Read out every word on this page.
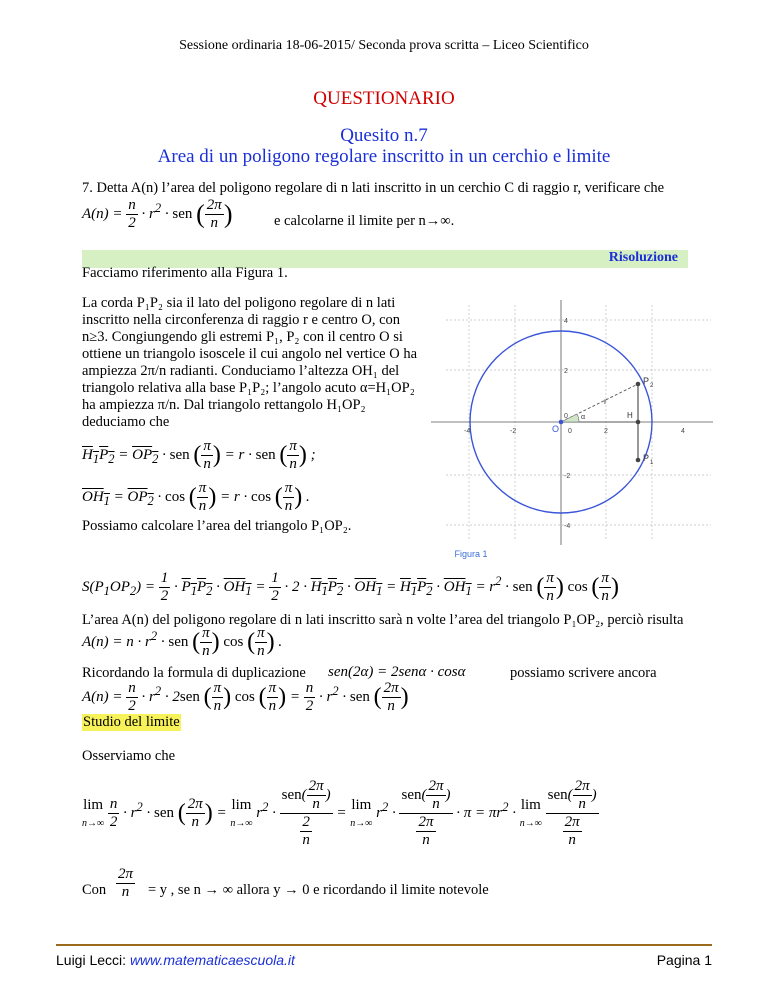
Sessione ordinaria 18-06-2015/ Seconda prova scritta – Liceo Scientifico
QUESTIONARIO
Quesito n.7
Area di un poligono regolare inscritto in un cerchio e limite
7. Detta A(n) l’area del poligono regolare di n lati inscritto in un cerchio C di raggio r, verificare che
$A(n) = \frac{n}{2} \cdot r^2$ · sen ( $\frac{2\pi}{n}$ )	e calcolarne il limite per n→∞.
Risoluzione
Facciamo riferimento alla Figura 1.
La corda P₁P₂ sia il lato del poligono regolare di n lati
inscritto nella circonferenza di raggio r e centro O, con
n≥3. Congiungendo gli estremi P₁, P₂ con il centro O si
ottiene un triangolo isoscele il cui angolo nel vertice O ha
ampiezza 2π/n radianti. Conduciamo l’altezza OH₁ del
triangolo relativa alla base P₁P₂; l’angolo acuto α=H₁OP₂
ha ampiezza π/n. Dal triangolo rettangolo H₁OP₂
deduciamo che
$H_1P_2 = OP_2$ · sen ( $\frac{\pi}{n}$ ) = r · sen ( $\frac{\pi}{n}$ ) ;
$OH_1 = OP_2 \cdot \cos$ ( $\frac{\pi}{n}$ ) = r · cos ( $\frac{\pi}{n}$ ) .
Possiamo calcolare l’area del triangolo P₁OP₂.
4
2
0
-2
-4
-4	-2	0	2	4
O
P 2
P 1
r
H
α
Figura 1
$S(P_1OP_2) = \frac{1}{2} \cdot P_1P_2 \cdot OH_1 = \frac{1}{2} \cdot 2 \cdot H_1P_2 \cdot OH_1 = H_1P_2 \cdot OH_1 = r^2$ · sen ( $\frac{\pi}{n}$ ) cos ( $\frac{\pi}{n}$ )
L’area A(n) del poligono regolare di n lati inscritto sarà n volte l’area del triangolo P₁OP₂, perciò risulta
$A(n) = n \cdot r^2$ · sen ( $\frac{\pi}{n}$ ) cos ( $\frac{\pi}{n}$ ) .
Ricordando la formula di duplicazione sen(2α) = 2senα · cosα	possiamo scrivere ancora
$A(n) = \frac{n}{2} \cdot r^2 \cdot 2sen$ ( $\frac{\pi}{n}$ ) cos ( $\frac{\pi}{n}$ ) = $\frac{n}{2} \cdot r^2$ · sen ( $\frac{2\pi}{n}$ )
Studio del limite
Osserviamo che
lim
$n\to\infty \frac{n}{2} \cdot r^2$ · sen ( $\frac{2\pi}{n}$ ) = lim
n→∞ $r^2 \cdot \frac{sen( \frac{2\pi}{n} )}{\frac{2}{n}} = \lim$
n→∞ $r^2 \cdot \frac{sen( \frac{2\pi}{n} )}{\frac{2\pi}{n}} \cdot \pi = \pi r^2 \cdot \lim$
$n\to\infty \frac{sen( \frac{2\pi}{n} )}{\frac{2\pi}{n}}$
Con $\frac{2\pi}{n} = y$ , se n → ∞ allora y → 0 e ricordando il limite notevole
Luigi Lecci: www.matematicaescuola.it	Pagina 1
